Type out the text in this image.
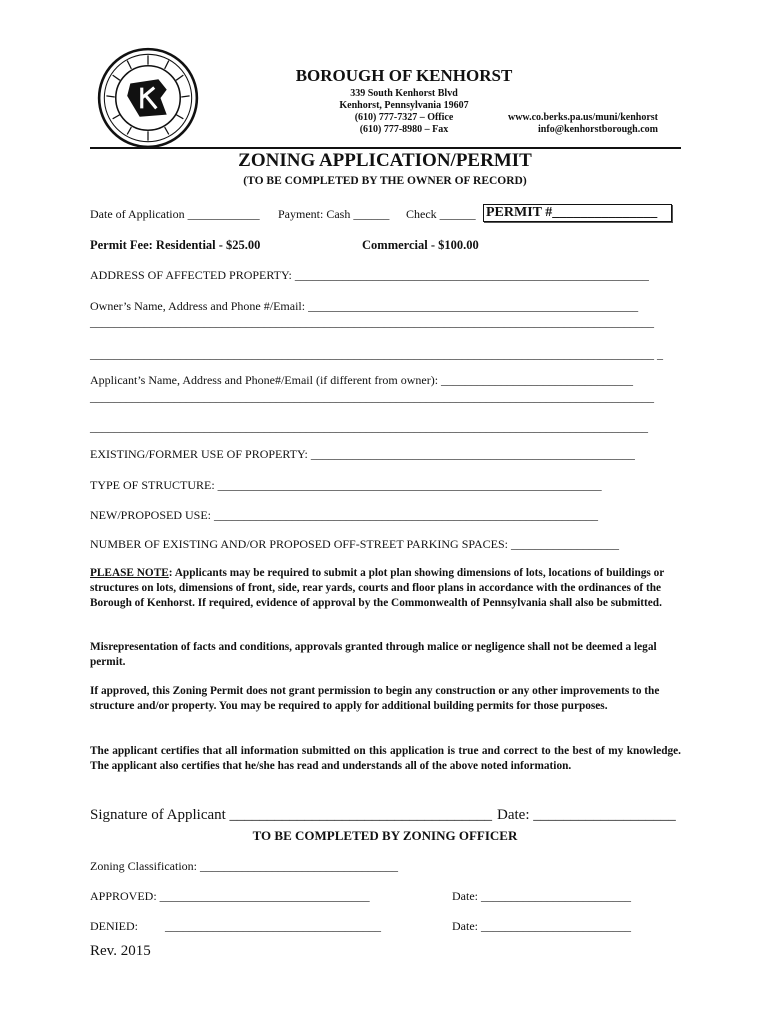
BOROUGH OF KENHORST
339 South Kenhorst Blvd
Kenhorst, Pennsylvania 19607
(610) 777-7327 – Office
(610) 777-8980 – Fax
www.co.berks.pa.us/muni/kenhorst
info@kenhorstborough.com
ZONING APPLICATION/PERMIT
(TO BE COMPLETED BY THE OWNER OF RECORD)
Date of Application ____________ Payment: Cash ______ Check ______ PERMIT #_______________
Permit Fee: Residential - $25.00	Commercial - $100.00
ADDRESS OF AFFECTED PROPERTY: ___________________________________________________________
Owner’s Name, Address and Phone #/Email: _______________________________________________________
______________________________________________________________________________________________
______________________________________________________________________________________________ _
Applicant’s Name, Address and Phone#/Email (if different from owner): ________________________________
______________________________________________________________________________________________
_____________________________________________________________________________________________
EXISTING/FORMER USE OF PROPERTY: ______________________________________________________
TYPE OF STRUCTURE: ________________________________________________________________
NEW/PROPOSED USE: ________________________________________________________________
NUMBER OF EXISTING AND/OR PROPOSED OFF-STREET PARKING SPACES: __________________
PLEASE NOTE: Applicants may be required to submit a plot plan showing dimensions of lots, locations of buildings or structures on lots, dimensions of front, side, rear yards, courts and floor plans in accordance with the ordinances of the Borough of Kenhorst. If required, evidence of approval by the Commonwealth of Pennsylvania shall also be submitted.
Misrepresentation of facts and conditions, approvals granted through malice or negligence shall not be deemed a legal permit.
If approved, this Zoning Permit does not grant permission to begin any construction or any other improvements to the structure and/or property. You may be required to apply for additional building permits for those purposes.
The applicant certifies that all information submitted on this application is true and correct to the best of my knowledge. The applicant also certifies that he/she has read and understands all of the above noted information.
Signature of Applicant ___________________________________ Date: ___________________
TO BE COMPLETED BY ZONING OFFICER
Zoning Classification: _________________________________
APPROVED: ___________________________________	Date: _________________________
DENIED: ____________________________________	Date: _________________________
Rev. 2015
